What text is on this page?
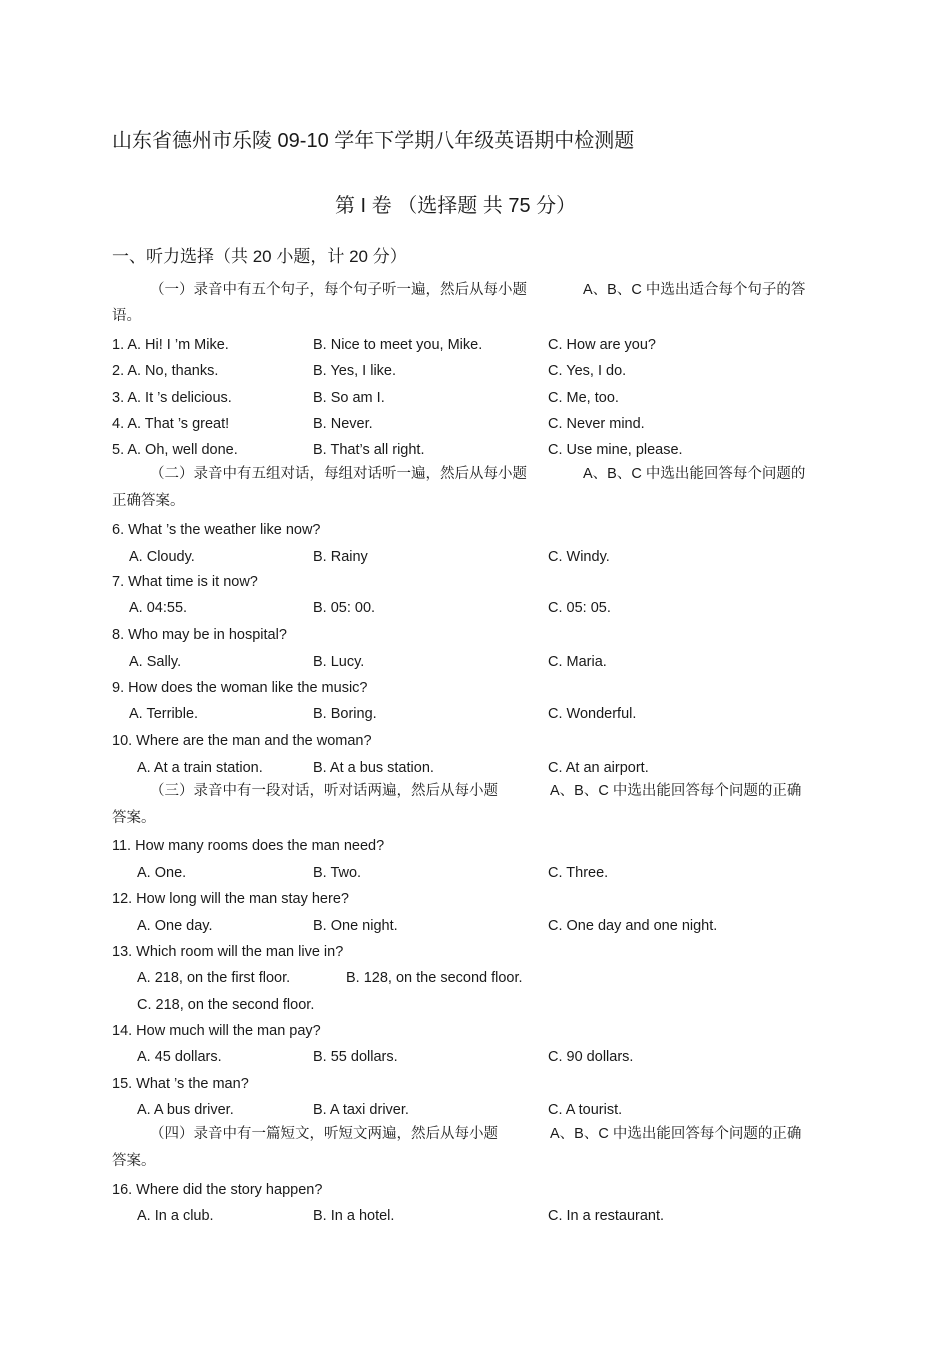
山东省德州市乐陵 09-10 学年下学期八年级英语期中检测题
第 I 卷 （选择题 共 75 分）
一、听力选择（共 20 小题，计 20 分）
（一）录音中有五个句子，每个句子听一遍，然后从每小题	A、B、C 中选出适合每个句子的答
语。
1. A. Hi! I ’m Mike.	B. Nice to meet you, Mike.	C. How are you?
2. A. No, thanks.	B. Yes, I like.	C. Yes, I do.
3. A. It ’s delicious.	B. So am I.	C. Me, too.
4. A. That ’s great!	B. Never.	C. Never mind.
5. A. Oh, well done.	B. That’s all right.	C. Use mine, please.
（二）录音中有五组对话，每组对话听一遍，然后从每小题	A、B、C 中选出能回答每个问题的
正确答案。
6. What ’s the weather like now?
A. Cloudy.	B. Rainy	C. Windy.
7. What time is it now?
A. 04:55.	B. 05: 00.	C. 05: 05.
8. Who may be in hospital?
A. Sally.	B. Lucy.	C. Maria.
9. How does the woman like the music?
A. Terrible.	B. Boring.	C. Wonderful.
10. Where are the man and the woman?
A. At a train station.	B. At a bus station.	C. At an airport.
（三）录音中有一段对话，听对话两遍，然后从每小题	A、B、C 中选出能回答每个问题的正确
答案。
11. How many rooms does the man need?
A. One.	B. Two.	C. Three.
12. How long will the man stay here?
A. One day.	B. One night.	C. One day and one night.
13. Which room will the man live in?
A. 218, on the first floor.	B. 128, on the second floor.
C. 218, on the second floor.
14. How much will the man pay?
A. 45 dollars.	B. 55 dollars.	C. 90 dollars.
15. What ’s the man?
A. A bus driver.	B. A taxi driver.	C. A tourist.
（四）录音中有一篇短文，听短文两遍，然后从每小题	A、B、C 中选出能回答每个问题的正确
答案。
16. Where did the story happen?
A. In a club.	B. In a hotel.	C. In a restaurant.
